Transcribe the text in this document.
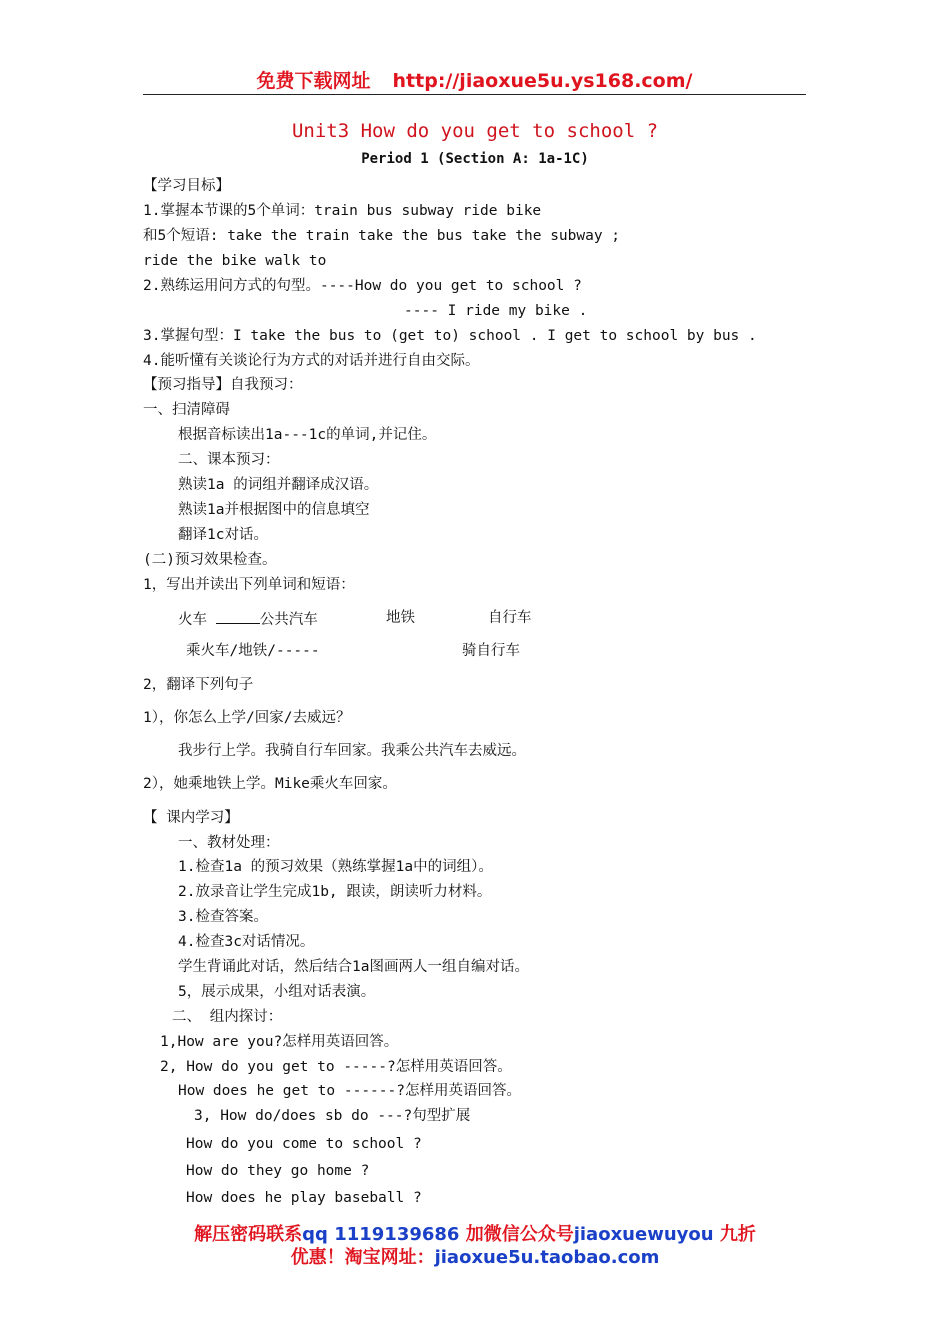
免费下载网址 http://jiaoxue5u.ys168.com/
Unit3 How do you get to school ?
Period 1 (Section A: 1a-1C)
【学习目标】
1.掌握本节课的5个单词：train bus subway ride bike
和5个短语: take the train take the bus take the subway ;
ride the bike walk to
2.熟练运用问方式的句型。----How do you get to school ?
---- I ride my bike .
3.掌握句型：I take the bus to (get to) school . I get to school by bus .
4.能听懂有关谈论行为方式的对话并进行自由交际。
【预习指导】自我预习：
一、扫清障碍
根据音标读出1a---1c的单词,并记住。
二、课本预习：
熟读1a 的词组并翻译成汉语。
熟读1a并根据图中的信息填空
翻译1c对话。
(二)预习效果检查。
1，写出并读出下列单词和短语：
火车	公共汽车	地铁	自行车
乘火车/地铁/-----	骑自行车
2，翻译下列句子
1），你怎么上学/回家/去威远？
我步行上学。我骑自行车回家。我乘公共汽车去威远。
2），她乘地铁上学。Mike乘火车回家。
【 课内学习】
一、教材处理：
1.检查1a 的预习效果（熟练掌握1a中的词组）。
2.放录音让学生完成1b, 跟读，朗读听力材料。
3.检查答案。
4.检查3c对话情况。
学生背诵此对话，然后结合1a图画两人一组自编对话。
5，展示成果，小组对话表演。
二、 组内探讨：
1,How are you?怎样用英语回答。
2, How do you get to -----?怎样用英语回答。
How does he get to ------?怎样用英语回答。
3, How do/does sb do ---?句型扩展
How do you come to school ?
How do they go home ?
How does he play baseball ?
解压密码联系qq 1119139686 加微信公众号jiaoxuewuyou 九折
优惠！淘宝网址：jiaoxue5u.taobao.com
